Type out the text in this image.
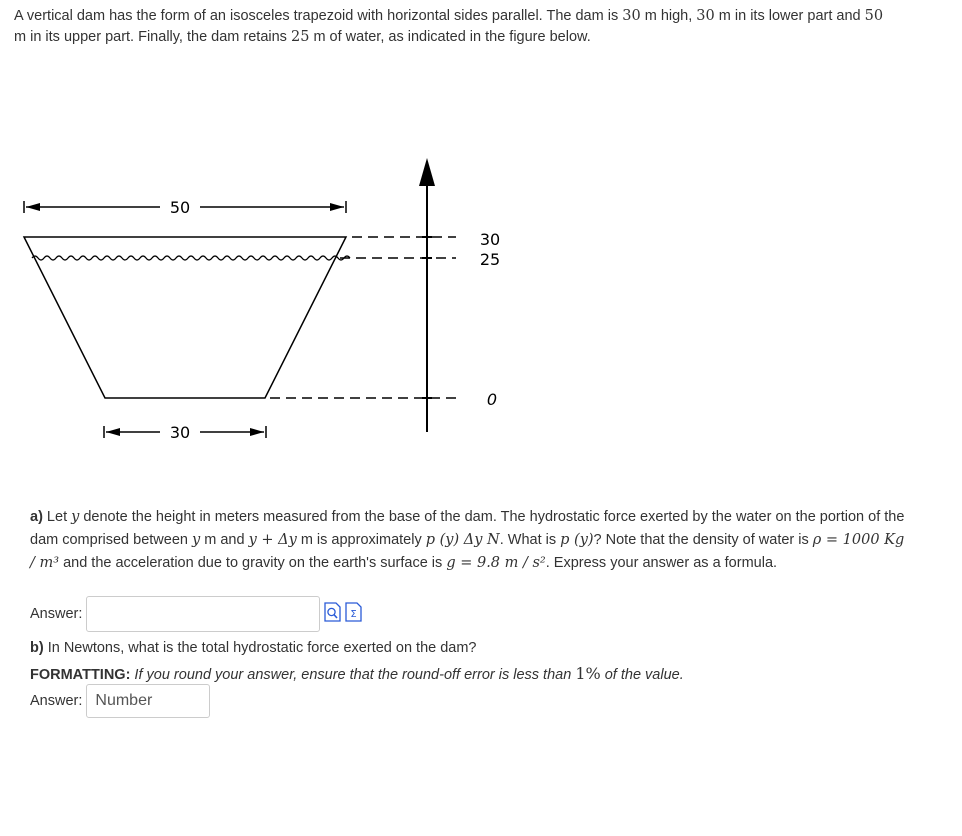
A vertical dam has the form of an isosceles trapezoid with horizontal sides parallel. The dam is 30 m high, 30 m in its lower part and 50 m in its upper part. Finally, the dam retains 25 m of water, as indicated in the figure below.

50
30
25
0
30

a) Let y denote the height in meters measured from the base of the dam. The hydrostatic force exerted by the water on the portion of the dam comprised between y m and y + Δy m is approximately p (y) Δy N. What is p (y)? Note that the density of water is ρ = 1000 Kg / m³ and the acceleration due to gravity on the earth's surface is g = 9.8 m / s². Express your answer as a formula.

Answer:	Σ

b) In Newtons, what is the total hydrostatic force exerted on the dam?

FORMATTING: If you round your answer, ensure that the round-off error is less than 1% of the value.

Answer: Number
